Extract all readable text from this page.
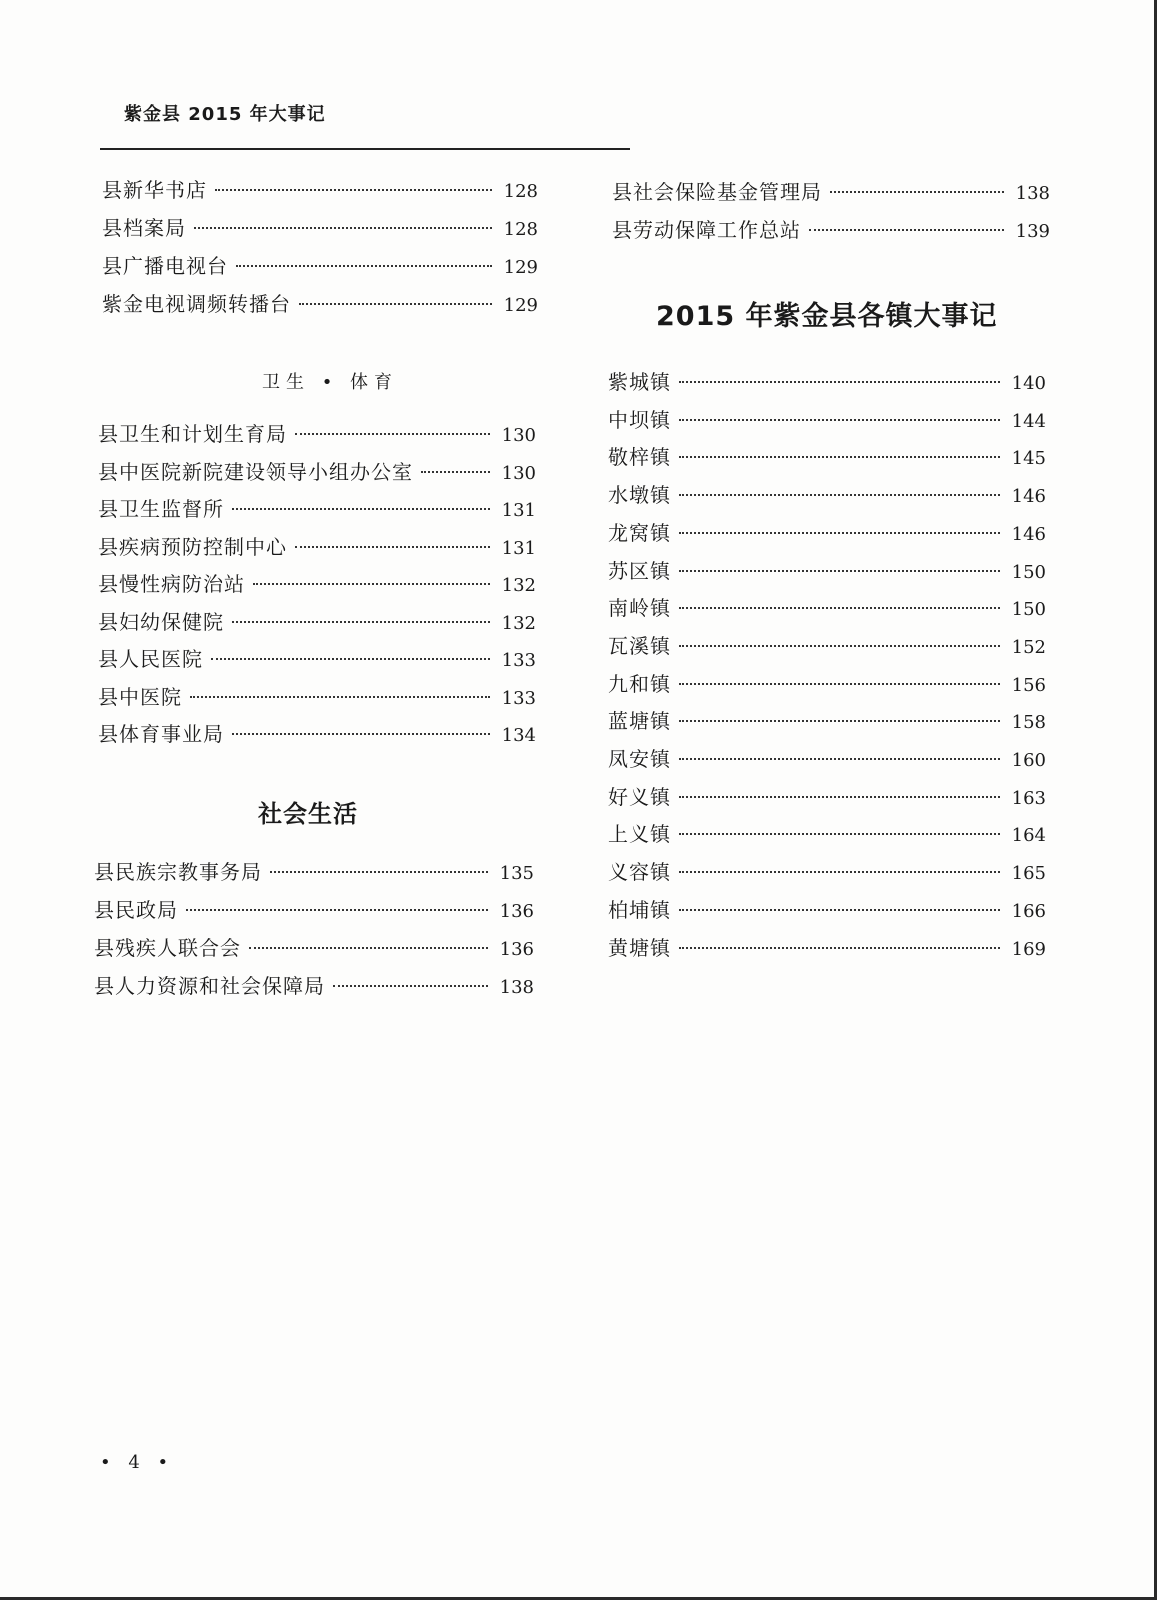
紫金县 2015 年大事记
县新华书店	128
县档案局	128
县广播电视台	129
紫金电视调频转播台	129
卫生 • 体育
县卫生和计划生育局	130
县中医院新院建设领导小组办公室	130
县卫生监督所	131
县疾病预防控制中心	131
县慢性病防治站	132
县妇幼保健院	132
县人民医院	133
县中医院	133
县体育事业局	134
社会生活
县民族宗教事务局	135
县民政局	136
县残疾人联合会	136
县人力资源和社会保障局	138
县社会保险基金管理局	138
县劳动保障工作总站	139
2015 年紫金县各镇大事记
紫城镇	140
中坝镇	144
敬梓镇	145
水墩镇	146
龙窝镇	146
苏区镇	150
南岭镇	150
瓦溪镇	152
九和镇	156
蓝塘镇	158
凤安镇	160
好义镇	163
上义镇	164
义容镇	165
柏埔镇	166
黄塘镇	169
• 4 •
